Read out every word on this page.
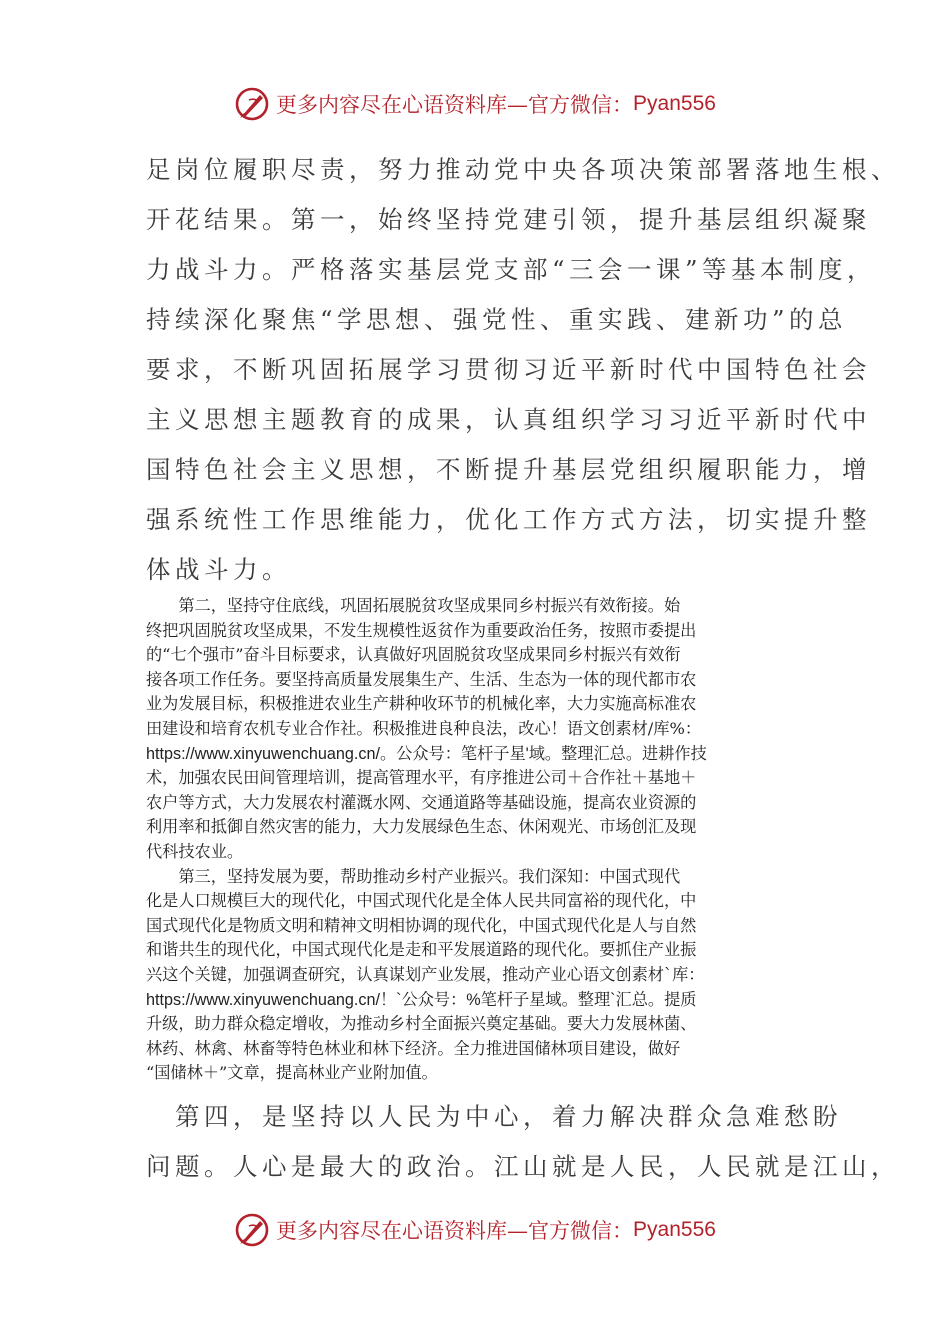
更多内容尽在心语资料库—官方微信： Pyan556
足岗位履职尽责，努力推动党中央各项决策部署落地生根、
开花结果。第一，始终坚持党建引领，提升基层组织凝聚
力战斗力。严格落实基层党支部“三会一课”等基本制度，
持续深化聚焦“学思想、强党性、重实践、建新功”的总
要求，不断巩固拓展学习贯彻习近平新时代中国特色社会
主义思想主题教育的成果，认真组织学习习近平新时代中
国特色社会主义思想，不断提升基层党组织履职能力，增
强系统性工作思维能力，优化工作方式方法，切实提升整
体战斗力。
　　第二，坚持守住底线，巩固拓展脱贫攻坚成果同乡村振兴有效衔接。始
终把巩固脱贫攻坚成果，不发生规模性返贫作为重要政治任务，按照市委提出
的“七个强市”奋斗目标要求，认真做好巩固脱贫攻坚成果同乡村振兴有效衔
接各项工作任务。要坚持高质量发展集生产、生活、生态为一体的现代都市农
业为发展目标，积极推进农业生产耕种收环节的机械化率，大力实施高标准农
田建设和培育农机专业合作社。积极推进良种良法，改心！语文创素材/库%：
https://www.xinyuwenchuang.cn/。公众号：笔杆子星'域。整理汇总。进耕作技
术，加强农民田间管理培训，提高管理水平，有序推进公司＋合作社＋基地＋
农户等方式，大力发展农村灌溉水网、交通道路等基础设施，提高农业资源的
利用率和抵御自然灾害的能力，大力发展绿色生态、休闲观光、市场创汇及现
代科技农业。
　　第三，坚持发展为要，帮助推动乡村产业振兴。我们深知：中国式现代
化是人口规模巨大的现代化，中国式现代化是全体人民共同富裕的现代化，中
国式现代化是物质文明和精神文明相协调的现代化，中国式现代化是人与自然
和谐共生的现代化，中国式现代化是走和平发展道路的现代化。要抓住产业振
兴这个关键，加强调查研究，认真谋划产业发展，推动产业心语文创素材`库：
https://www.xinyuwenchuang.cn/！`公众号：%笔杆子星域。整理`汇总。提质
升级，助力群众稳定增收，为推动乡村全面振兴奠定基础。要大力发展林菌、
林药、林禽、林畜等特色林业和林下经济。全力推进国储林项目建设，做好
“国储林＋”文章，提高林业产业附加值。
　第四，是坚持以人民为中心，着力解决群众急难愁盼
问题。人心是最大的政治。江山就是人民，人民就是江山，
更多内容尽在心语资料库—官方微信： Pyan556
